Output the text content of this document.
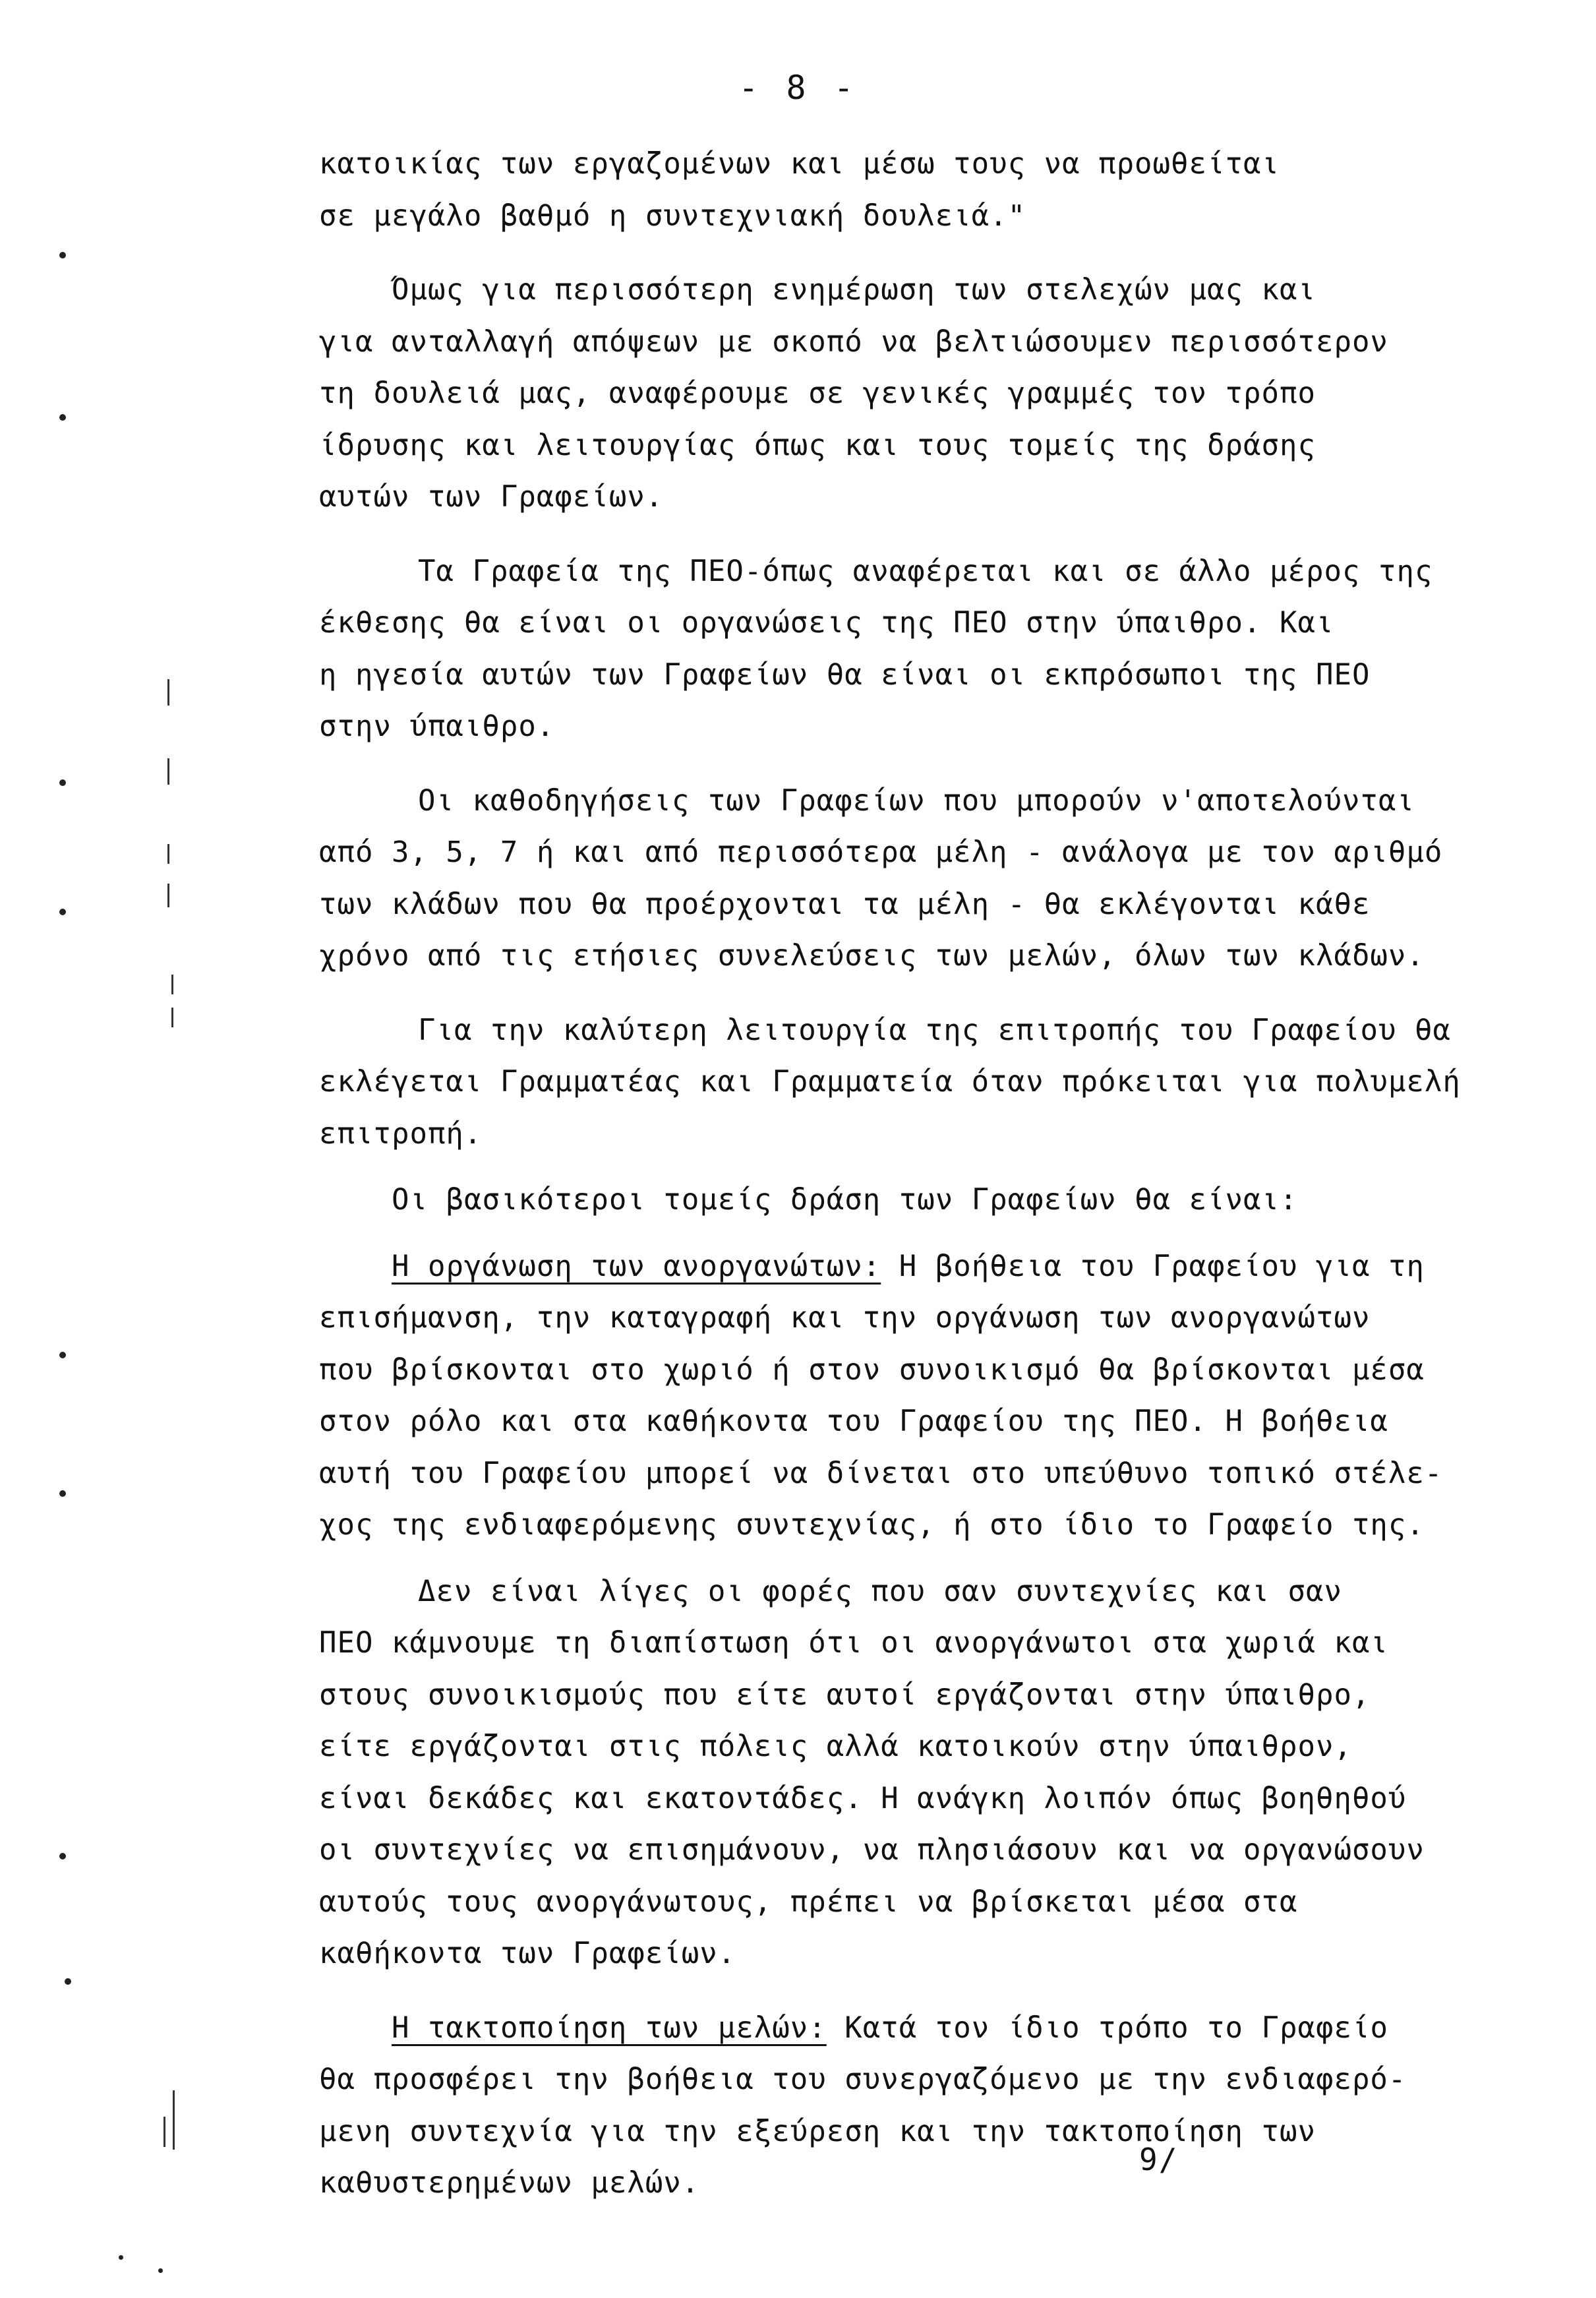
- 8 -
κατοικίας των εργαζομένων και μέσω τους να προωθείται
σε μεγάλο βαθμό η συντεχνιακή δουλειά."
Όμως για περισσότερη ενημέρωση των στελεχών μας και
για ανταλλαγή απόψεων με σκοπό να βελτιώσουμεν περισσότερον
τη δουλειά μας, αναφέρουμε σε γενικές γραμμές τον τρόπο
ίδρυσης και λειτουργίας όπως και τους τομείς της δράσης
αυτών των Γραφείων.
Τα Γραφεία της ΠΕΟ-όπως αναφέρεται και σε άλλο μέρος της
έκθεσης θα είναι οι οργανώσεις της ΠΕΟ στην ύπαιθρο. Και
η ηγεσία αυτών των Γραφείων θα είναι οι εκπρόσωποι της ΠΕΟ
στην ύπαιθρο.
Οι καθοδηγήσεις των Γραφείων που μπορούν ν'αποτελούνται
από 3, 5, 7 ή και από περισσότερα μέλη - ανάλογα με τον αριθμό
των κλάδων που θα προέρχονται τα μέλη - θα εκλέγονται κάθε
χρόνο από τις ετήσιες συνελεύσεις των μελών, όλων των κλάδων.
Για την καλύτερη λειτουργία της επιτροπής του Γραφείου θα
εκλέγεται Γραμματέας και Γραμματεία όταν πρόκειται για πολυμελή
επιτροπή.
Οι βασικότεροι τομείς δράση των Γραφείων θα είναι:
Η οργάνωση των ανοργανώτων: Η βοήθεια του Γραφείου για τη
επισήμανση, την καταγραφή και την οργάνωση των ανοργανώτων
που βρίσκονται στο χωριό ή στον συνοικισμό θα βρίσκονται μέσα
στον ρόλο και στα καθήκοντα του Γραφείου της ΠΕΟ. Η βοήθεια
αυτή του Γραφείου μπορεί να δίνεται στο υπεύθυνο τοπικό στέλε-
χος της ενδιαφερόμενης συντεχνίας, ή στο ίδιο το Γραφείο της.
Δεν είναι λίγες οι φορές που σαν συντεχνίες και σαν
ΠΕΟ κάμνουμε τη διαπίστωση ότι οι ανοργάνωτοι στα χωριά και
στους συνοικισμούς που είτε αυτοί εργάζονται στην ύπαιθρο,
είτε εργάζονται στις πόλεις αλλά κατοικούν στην ύπαιθρον,
είναι δεκάδες και εκατοντάδες. Η ανάγκη λοιπόν όπως βοηθηθού
οι συντεχνίες να επισημάνουν, να πλησιάσουν και να οργανώσουν
αυτούς τους ανοργάνωτους, πρέπει να βρίσκεται μέσα στα
καθήκοντα των Γραφείων.
Η τακτοποίηση των μελών: Κατά τον ίδιο τρόπο το Γραφείο
θα προσφέρει την βοήθεια του συνεργαζόμενο με την ενδιαφερό-
μενη συντεχνία για την εξεύρεση και την τακτοποίηση των
καθυστερημένων μελών.
9/
